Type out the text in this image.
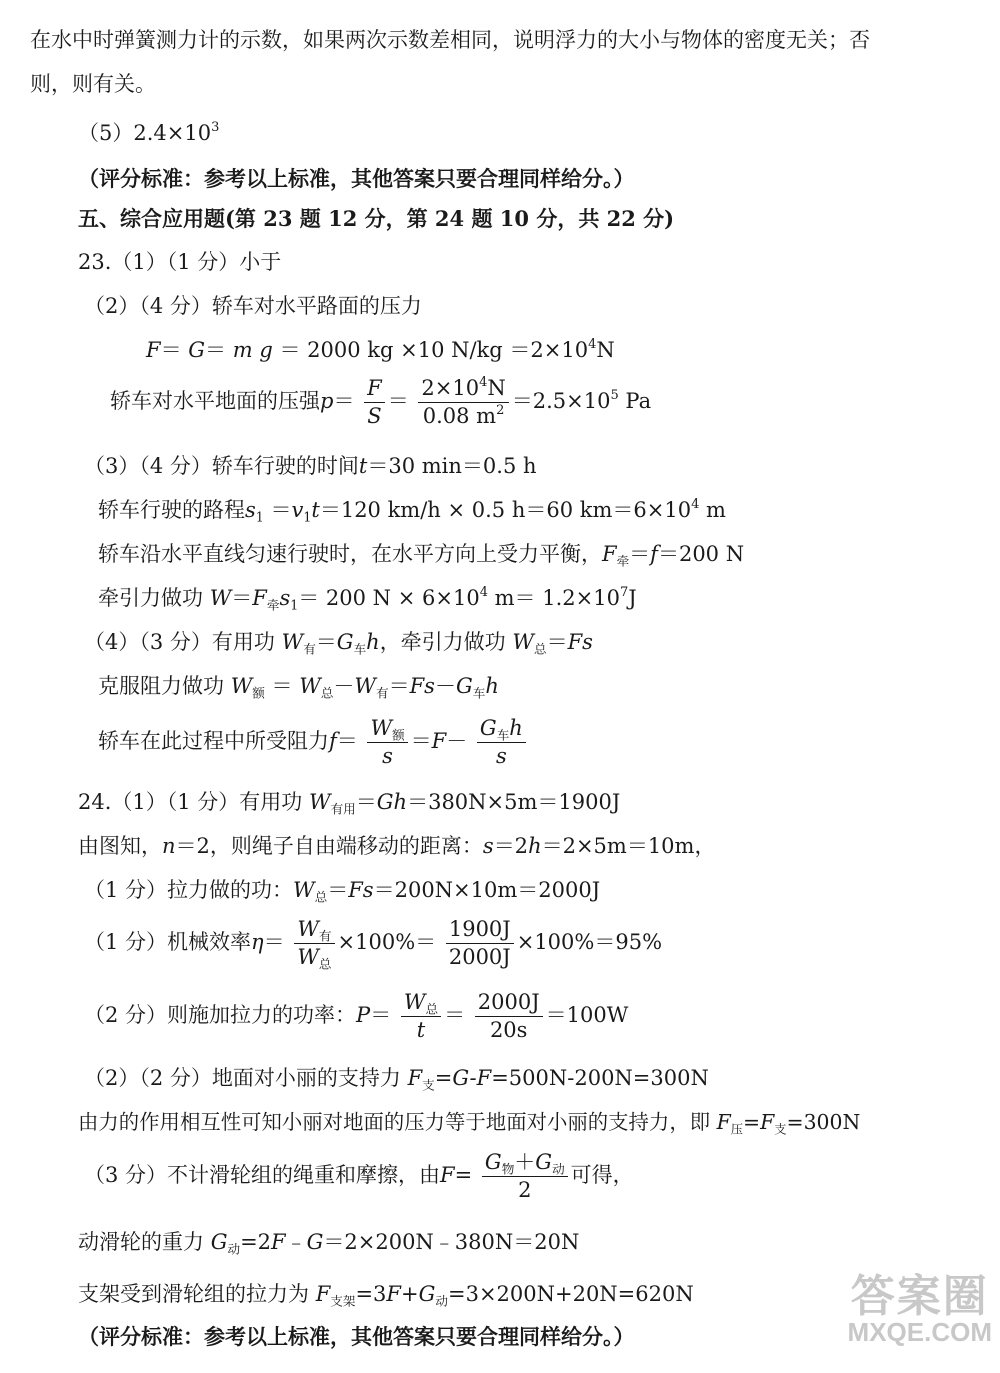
在水中时弹簧测力计的示数，如果两次示数差相同，说明浮力的大小与物体的密度无关；否
则，则有关。
$(5)2.4\times 10^3$
（评分标准：参考以上标准，其他答案只要合理同样给分。）
五、综合应用题(第 23 题 12 分，第 24 题 10 分，共 22 分)
23.（1）（1 分）小于
（2）（4 分）轿车对水平路面的压力
F＝ G＝ m g ＝ 2000 kg ×10 $N/kg =2\times 10^4N$
轿车对水平地面的压强$p= \frac{F}{S} = \frac{2\times 10^4N}{0.08 m^2} =2.5\times 10^5$ Pa
（3）（4 分）轿车行驶的时间t＝30 min＝0.5 h
轿车行驶的路程$s_1 =v_1t=120$ km/h × 0.5 h＝60 $km=6\times 10^4$ m
轿车沿水平直线匀速行驶时，在水平方向上受力平衡，$F_牵=f=200$ N
牵引力做功 $W=F_牵s_1= 200$ $N \times 6\times 10^4$ $m= 1.2\times 10^7J$
（4）（3 分）有用功 $W_有=G_车h$，牵引力做功 $W_总=Fs$
克服阻力做功 $W_额 = W_总-W_有=Fs-G_车h$
轿车在此过程中所受阻力$f= \frac{W_额}{s} =F- \frac{G_车h}{s}$
24.（1）（1 分）有用功 $W_{有用}=Gh=380N\times 5m=1900J$
由图知，n＝2，则绳子自由端移动的距离：s＝2h＝2×5m＝10m，
（1 分）拉力做的功：$W_总=Fs=200N\times 10m=2000J$
（1 分）机械效率$\eta= \frac{W_有}{W_总} \times 100\%= \frac{1900J}{2000J} \times 100\%=95\%$
（2 分）则施加拉力的功率：$P= \frac{W_总}{t} = \frac{2000J}{20s} =100W$
（2）（2 分）地面对小丽的支持力 $F_支=G-F=500N-200N=300N$
由力的作用相互性可知小丽对地面的压力等于地面对小丽的支持力，即 $F_压=F_支=300N$
（3 分）不计滑轮组的绳重和摩擦，由$F= \frac{G_物+G_动}{2}$ 可得，
动滑轮的重力 $G_动=2F﹣G=2\times 200N﹣380N=20N$
支架受到滑轮组的拉力为 $F_{支架}=3F+G_动=3\times 200N+20N=620N$
（评分标准：参考以上标准，其他答案只要合理同样给分。）
答案圈
MXQE.COM
